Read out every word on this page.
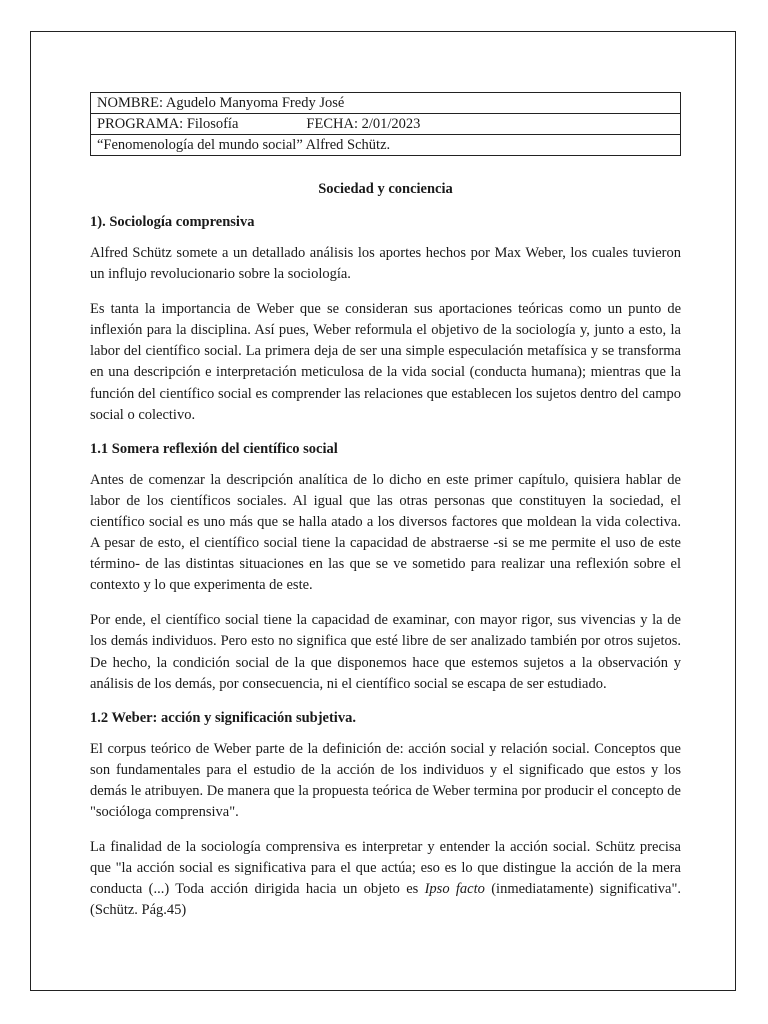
NOMBRE: Agudelo Manyoma Fredy José
PROGRAMA: Filosofía	FECHA: 2/01/2023
“Fenomenología del mundo social” Alfred Schütz.
Sociedad y conciencia
1). Sociología comprensiva

Alfred Schütz somete a un detallado análisis los aportes hechos por Max Weber, los cuales tuvieron un influjo revolucionario sobre la sociología.

Es tanta la importancia de Weber que se consideran sus aportaciones teóricas como un punto de inflexión para la disciplina. Así pues, Weber reformula el objetivo de la sociología y, junto a esto, la labor del científico social. La primera deja de ser una simple especulación metafísica y se transforma en una descripción e interpretación meticulosa de la vida social (conducta humana); mientras que la función del científico social es comprender las relaciones que establecen los sujetos dentro del campo social o colectivo.

1.1 Somera reflexión del científico social

Antes de comenzar la descripción analítica de lo dicho en este primer capítulo, quisiera hablar de labor de los científicos sociales. Al igual que las otras personas que constituyen la sociedad, el científico social es uno más que se halla atado a los diversos factores que moldean la vida colectiva. A pesar de esto, el científico social tiene la capacidad de abstraerse -si se me permite el uso de este término- de las distintas situaciones en las que se ve sometido para realizar una reflexión sobre el contexto y lo que experimenta de este.

Por ende, el científico social tiene la capacidad de examinar, con mayor rigor, sus vivencias y la de los demás individuos. Pero esto no significa que esté libre de ser analizado también por otros sujetos. De hecho, la condición social de la que disponemos hace que estemos sujetos a la observación y análisis de los demás, por consecuencia, ni el científico social se escapa de ser estudiado.

1.2 Weber: acción y significación subjetiva.

El corpus teórico de Weber parte de la definición de: acción social y relación social. Conceptos que son fundamentales para el estudio de la acción de los individuos y el significado que estos y los demás le atribuyen. De manera que la propuesta teórica de Weber termina por producir el concepto de "sociólogа comprensiva".

La finalidad de la sociología comprensiva es interpretar y entender la acción social. Schütz precisa que "la acción social es significativa para el que actúa; eso es lo que distingue la acción de la mera conducta (...) Toda acción dirigida hacia un objeto es Ipso facto (inmediatamente) significativa". (Schütz. Pág.45)
